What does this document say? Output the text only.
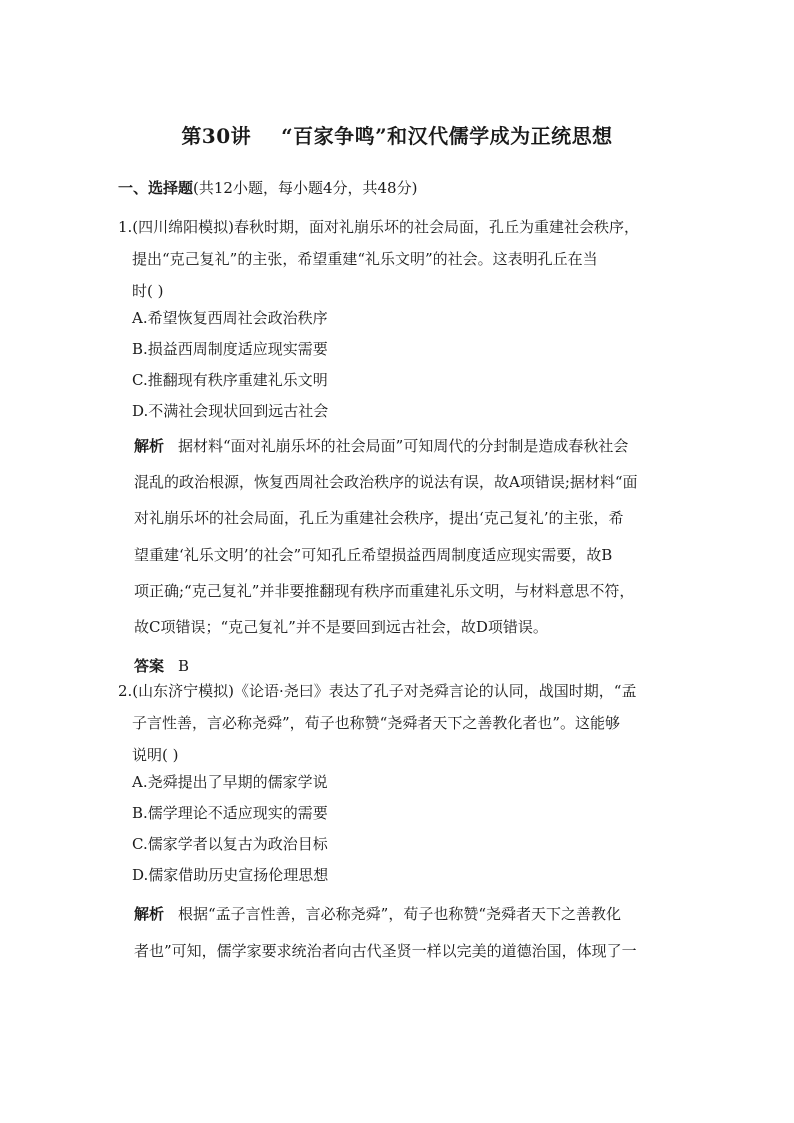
第30讲 “百家争鸣”和汉代儒学成为正统思想
一、选择题(共12小题，每小题4分，共48分)
1.(四川绵阳模拟)春秋时期，面对礼崩乐坏的社会局面，孔丘为重建社会秩序，
提出“克己复礼”的主张，希望重建“礼乐文明”的社会。这表明孔丘在当
时( )
A.希望恢复西周社会政治秩序
B.损益西周制度适应现实需要
C.推翻现有秩序重建礼乐文明
D.不满社会现状回到远古社会
解析 据材料“面对礼崩乐坏的社会局面”可知周代的分封制是造成春秋社会
混乱的政治根源，恢复西周社会政治秩序的说法有误，故A项错误;据材料“面
对礼崩乐坏的社会局面，孔丘为重建社会秩序，提出‘克己复礼’的主张，希
望重建‘礼乐文明’的社会”可知孔丘希望损益西周制度适应现实需要，故B
项正确;“克己复礼”并非要推翻现有秩序而重建礼乐文明，与材料意思不符，
故C项错误；“克己复礼”并不是要回到远古社会，故D项错误。
答案 B
2.(山东济宁模拟)《论语·尧曰》表达了孔子对尧舜言论的认同，战国时期，“孟
子言性善，言必称尧舜”，荀子也称赞“尧舜者天下之善教化者也”。这能够
说明( )
A.尧舜提出了早期的儒家学说
B.儒学理论不适应现实的需要
C.儒家学者以复古为政治目标
D.儒家借助历史宣扬伦理思想
解析 根据“孟子言性善，言必称尧舜”，荀子也称赞“尧舜者天下之善教化
者也”可知，儒学家要求统治者向古代圣贤一样以完美的道德治国，体现了一
